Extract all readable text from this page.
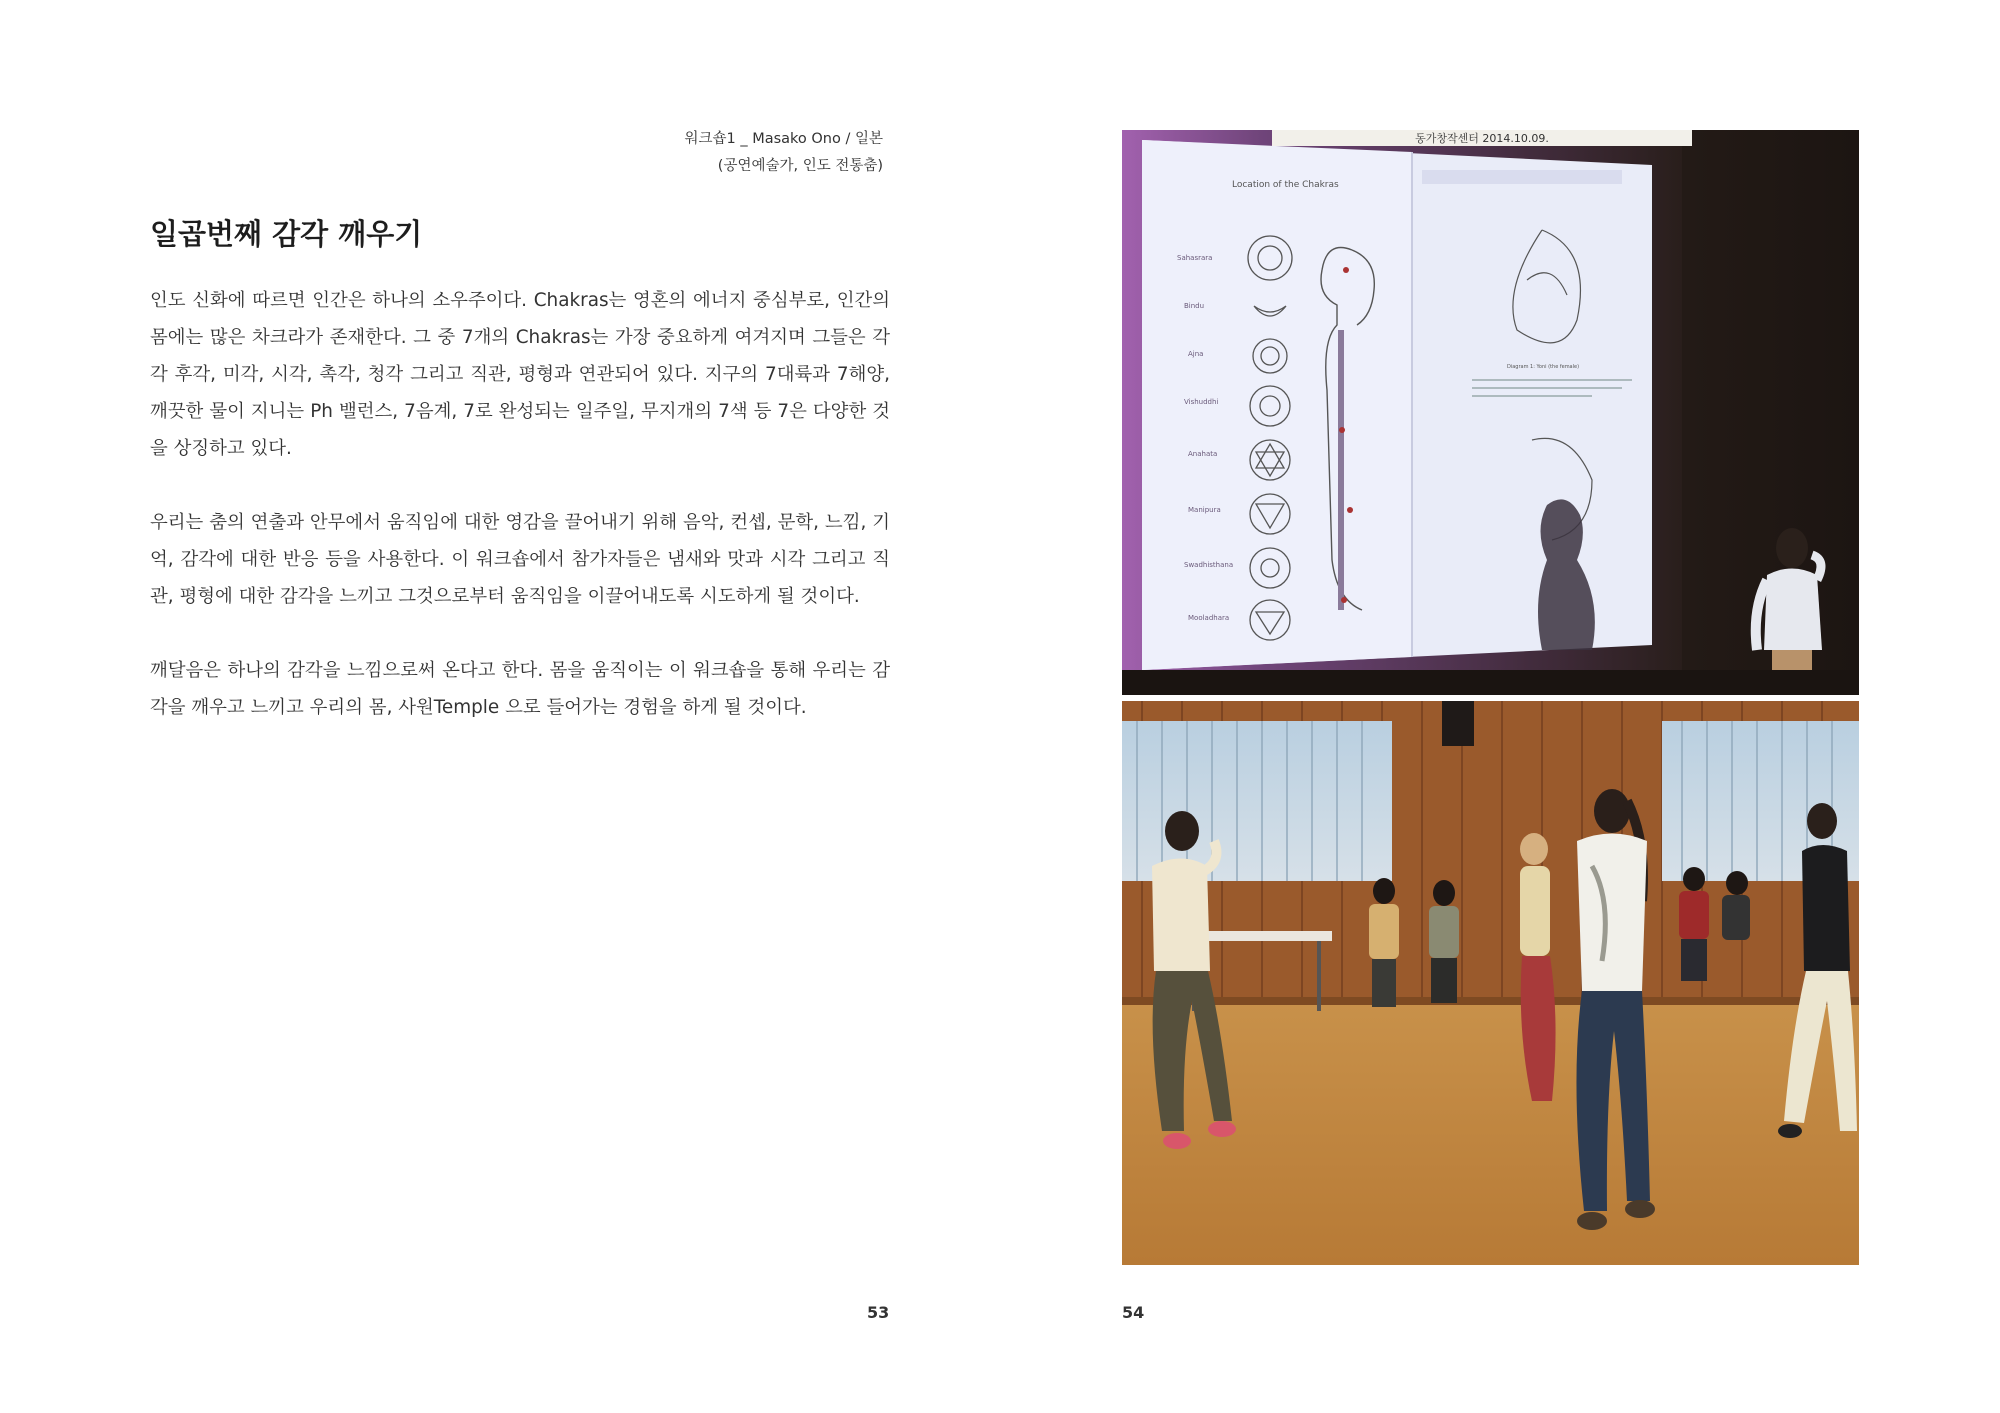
워크숍1 _ Masako Ono / 일본
(공연예술가, 인도 전통춤)
일곱번째 감각 깨우기

인도 신화에 따르면 인간은 하나의 소우주이다. Chakras는 영혼의 에너지 중심부로, 인간의 몸에는 많은 차크라가 존재한다. 그 중 7개의 Chakras는 가장 중요하게 여겨지며 그들은 각각 후각, 미각, 시각, 촉각, 청각 그리고 직관, 평형과 연관되어 있다. 지구의 7대륙과 7해양, 깨끗한 물이 지니는 Ph 밸런스, 7음계, 7로 완성되는 일주일, 무지개의 7색 등 7은 다양한 것을 상징하고 있다.

우리는 춤의 연출과 안무에서 움직임에 대한 영감을 끌어내기 위해 음악, 컨셉, 문학, 느낌, 기억, 감각에 대한 반응 등을 사용한다. 이 워크숍에서 참가자들은 냄새와 맛과 시각 그리고 직관, 평형에 대한 감각을 느끼고 그것으로부터 움직임을 이끌어내도록 시도하게 될 것이다.

깨달음은 하나의 감각을 느낌으로써 온다고 한다. 몸을 움직이는 이 워크숍을 통해 우리는 감각을 깨우고 느끼고 우리의 몸, 사원Temple 으로 들어가는 경험을 하게 될 것이다.

53
동가창작센터 2014.10.09.
Location of the Chakras
Sahasrara
Bindu
Ajna
Vishuddhi
Anahata
Manipura
Swadhisthana
Mooladhara
Diagram 1: Yoni (the female)
54
